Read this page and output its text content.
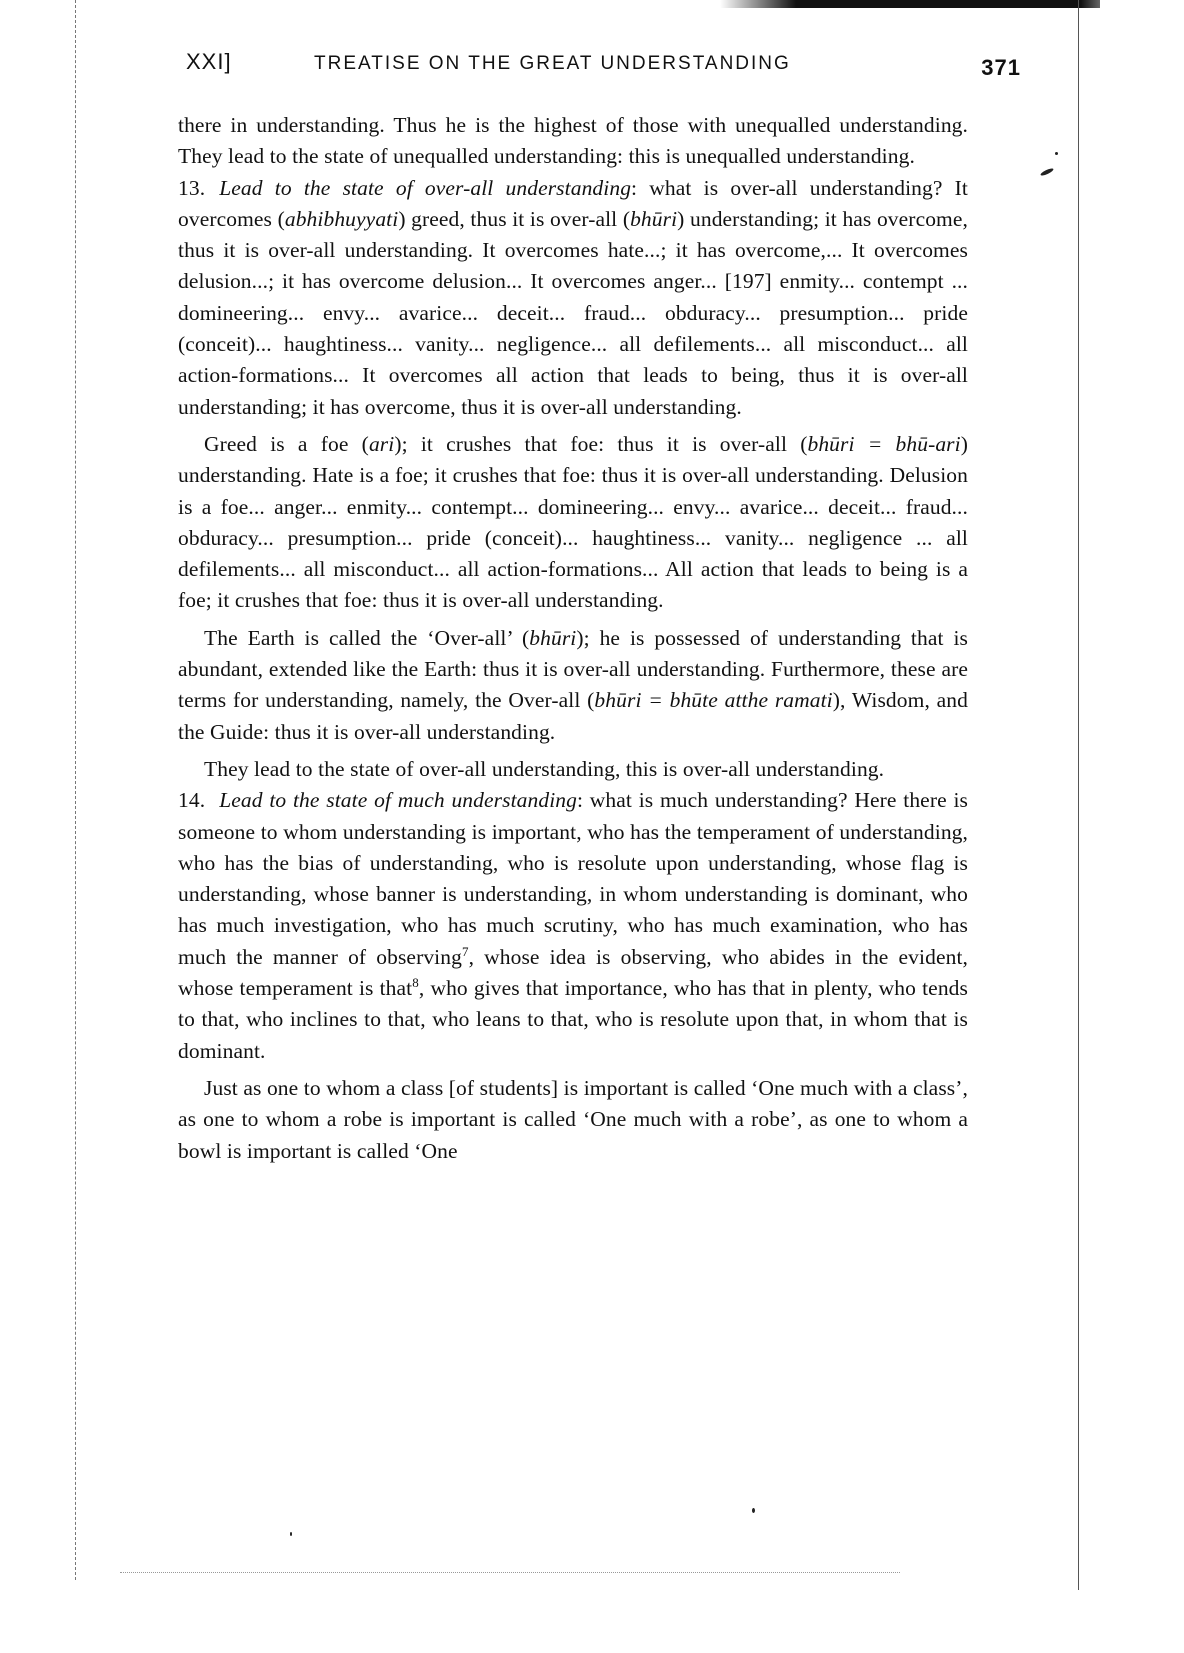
XXI]	TREATISE ON THE GREAT UNDERSTANDING	371

there in understanding. Thus he is the highest of those with unequalled understanding. They lead to the state of unequalled understanding: this is unequalled understanding.

13. Lead to the state of over-all understanding: what is over-all understanding? It overcomes (abhibhuyyati) greed, thus it is over-all (bhūri) understanding; it has overcome, thus it is over-all understanding. It overcomes hate...; it has overcome,... It overcomes delusion...; it has overcome delusion... It overcomes anger... [197] enmity... contempt ... domineering... envy... avarice... deceit... fraud... obduracy... presumption... pride (conceit)... haughtiness... vanity... negligence... all defilements... all misconduct... all action-formations... It overcomes all action that leads to being, thus it is over-all understanding; it has overcome, thus it is over-all understanding.

Greed is a foe (ari); it crushes that foe: thus it is over-all (bhūri = bhū-ari) understanding. Hate is a foe; it crushes that foe: thus it is over-all understanding. Delusion is a foe... anger... enmity... contempt... domineering... envy... avarice... deceit... fraud... obduracy... presumption... pride (conceit)... haughtiness... vanity... negligence ... all defilements... all misconduct... all action-formations... All action that leads to being is a foe; it crushes that foe: thus it is over-all understanding.

The Earth is called the ‘Over-all’ (bhūri); he is possessed of understanding that is abundant, extended like the Earth: thus it is over-all understanding. Furthermore, these are terms for understanding, namely, the Over-all (bhūri = bhūte atthe ramati), Wisdom, and the Guide: thus it is over-all understanding.

They lead to the state of over-all understanding, this is over-all understanding.

14. Lead to the state of much understanding: what is much understanding? Here there is someone to whom understanding is important, who has the temperament of understanding, who has the bias of understanding, who is resolute upon understanding, whose flag is understanding, whose banner is understanding, in whom understanding is dominant, who has much investigation, who has much scrutiny, who has much examination, who has much the manner of observing$^7$, whose idea is observing, who abides in the evident, whose temperament is that$^8$, who gives that importance, who has that in plenty, who tends to that, who inclines to that, who leans to that, who is resolute upon that, in whom that is dominant.

Just as one to whom a class [of students] is important is called ‘One much with a class’, as one to whom a robe is important is called ‘One much with a robe’, as one to whom a bowl is important is called ‘One
